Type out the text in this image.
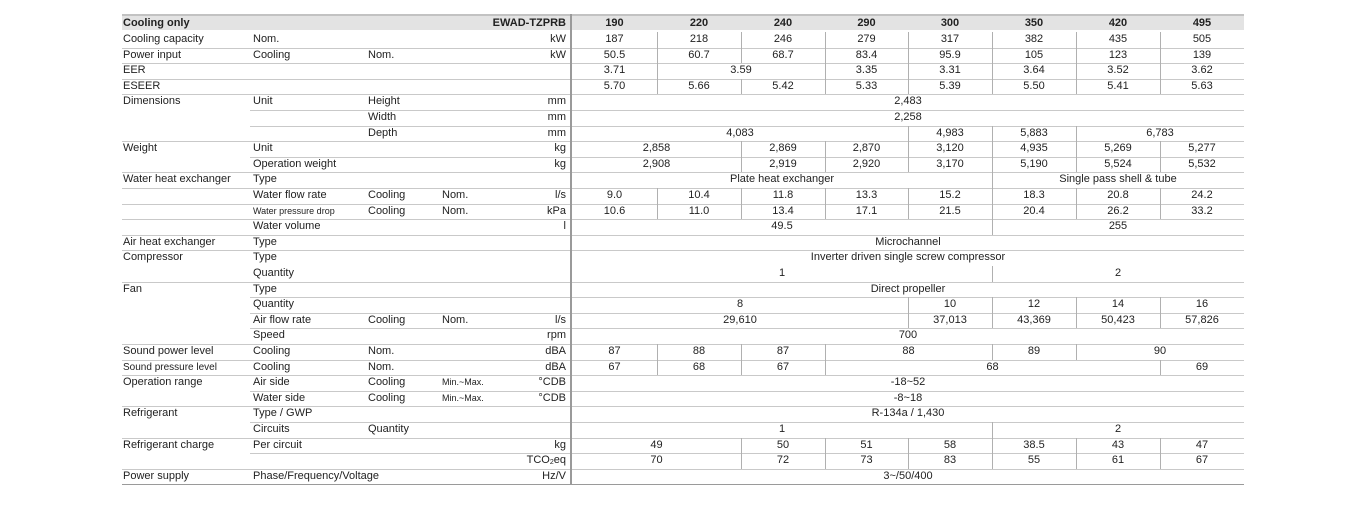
Cooling only	EWAD-TZPRB	190	220	240	290	300	350	420	495
Cooling capacity	Nom.	kW	187	218	246	279	317	382	435	505
Power input	Cooling	Nom.	kW	50.5	60.7	68.7	83.4	95.9	105	123	139
EER	3.71	3.59	3.35	3.31	3.64	3.52	3.62
ESEER	5.70	5.66	5.42	5.33	5.39	5.50	5.41	5.63
Dimensions	Unit	Height	mm	2,483
Width	mm	2,258
Depth	mm	4,083	4,983	5,883	6,783
Weight	Unit	kg	2,858	2,869	2,870	3,120	4,935	5,269	5,277
Operation weight	kg	2,908	2,919	2,920	3,170	5,190	5,524	5,532
Water heat exchanger Type	Plate heat exchanger	Single pass shell & tube
Water flow rate	Cooling	Nom.	l/s	9.0	10.4	11.8	13.3	15.2	18.3	20.8	24.2
Water pressure drop	Cooling	Nom.	kPa	10.6	11.0	13.4	17.1	21.5	20.4	26.2	33.2
Water volume	l	49.5	255
Air heat exchanger	Type	Microchannel
Compressor	Type	Inverter driven single screw compressor
Quantity	1	2
Fan	Type	Direct propeller
Quantity	8	10	12	14	16
Air flow rate	Cooling	Nom.	l/s	29,610	37,013	43,369	50,423	57,826
Speed	rpm	700
Sound power level	Cooling	Nom.	dBA	87	88	87	88	89	90
Sound pressure level	Cooling	Nom.	dBA	67	68	67	68	69
Operation range	Air side	Cooling	Min.~Max.	°CDB	-18~52
Water side	Cooling	Min.~Max.	°CDB	-8~18
Refrigerant	Type / GWP	R-134a / 1,430
Circuits	Quantity	1	2
Refrigerant charge	Per circuit	kg	49	50	51	58	38.5	43	47
$TCO_2eq$	70	72	73	83	55	61	67
Power supply	Phase/Frequency/Voltage	Hz/V	3~/50/400
